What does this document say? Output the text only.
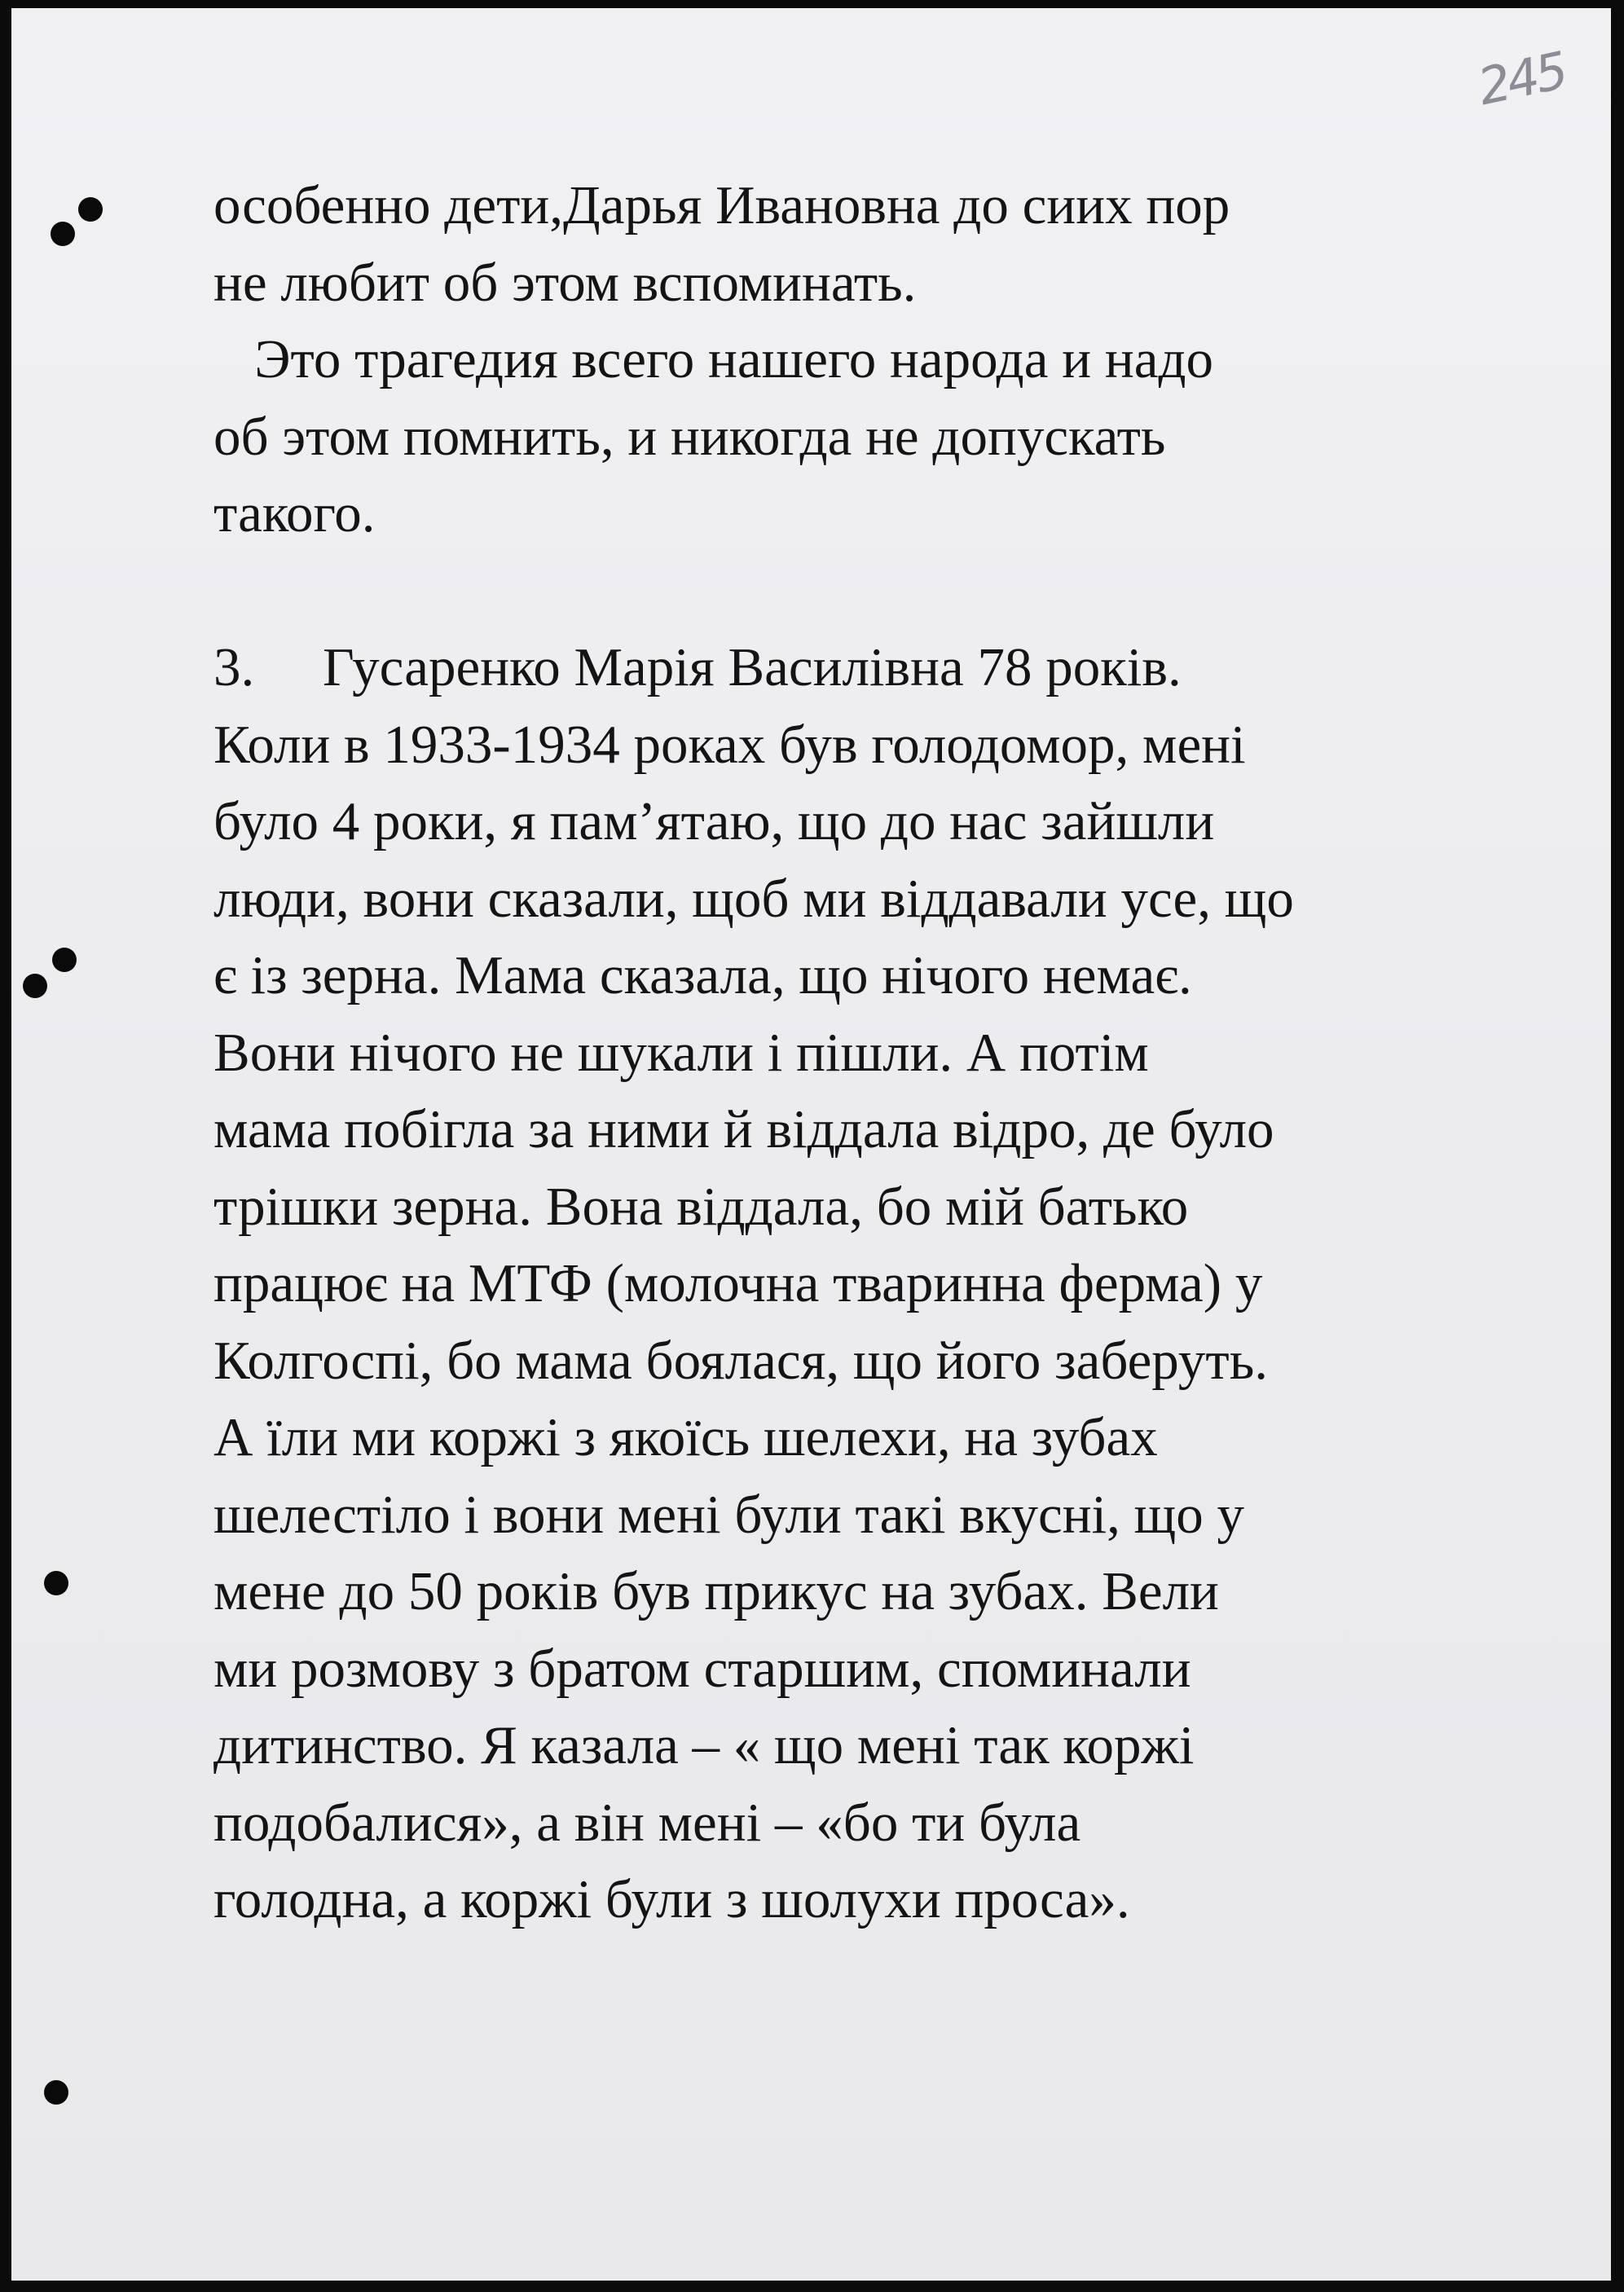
245
особенно дети,Дарья Ивановна до сиих пор
не любит об этом вспоминать.
Это трагедия всего нашего народа и надо
об этом помнить, и никогда не допускать
такого.
3.     Гусаренко Марія Василівна 78 років.
Коли в 1933-1934 роках був голодомор, мені
було 4 роки, я пам’ятаю, що до нас зайшли
люди, вони сказали, щоб ми віддавали усе, що
є із зерна. Мама сказала, що нічого немає.
Вони нічого не шукали і пішли. А потім
мама побігла за ними й віддала відро, де було
трішки зерна. Вона віддала, бо мій батько
працює на МТФ (молочна тваринна ферма) у
Колгоспі, бо мама боялася, що його заберуть.
А їли ми коржі з якоїсь шелехи, на зубах
шелестіло і вони мені були такі вкусні, що у
мене до 50 років був прикус на зубах. Вели
ми розмову з братом старшим, споминали
дитинство. Я казала – « що мені так коржі
подобалися», а він мені – «бо ти була
голодна, а коржі були з шолухи проса».
